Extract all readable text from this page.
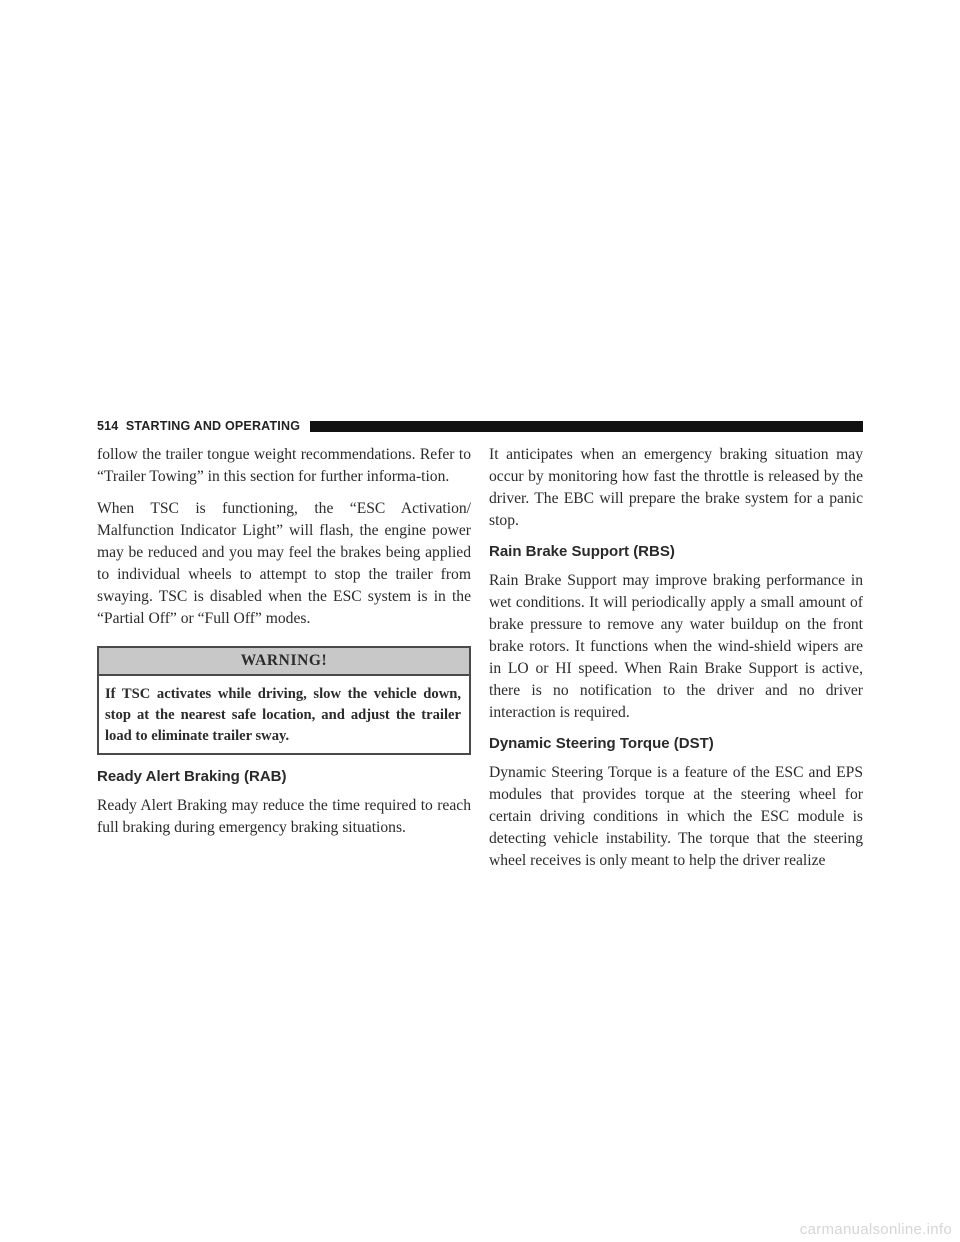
514 STARTING AND OPERATING

follow the trailer tongue weight recommendations. Refer to “Trailer Towing” in this section for further informa-tion.

When TSC is functioning, the “ESC Activation/ Malfunction Indicator Light” will flash, the engine power may be reduced and you may feel the brakes being applied to individual wheels to attempt to stop the trailer from swaying. TSC is disabled when the ESC system is in the “Partial Off” or “Full Off” modes.

WARNING!
If TSC activates while driving, slow the vehicle down, stop at the nearest safe location, and adjust the trailer load to eliminate trailer sway.
Ready Alert Braking (RAB)

Ready Alert Braking may reduce the time required to reach full braking during emergency braking situations.

It anticipates when an emergency braking situation may occur by monitoring how fast the throttle is released by the driver. The EBC will prepare the brake system for a panic stop.

Rain Brake Support (RBS)

Rain Brake Support may improve braking performance in wet conditions. It will periodically apply a small amount of brake pressure to remove any water buildup on the front brake rotors. It functions when the wind-shield wipers are in LO or HI speed. When Rain Brake Support is active, there is no notification to the driver and no driver interaction is required.

Dynamic Steering Torque (DST)

Dynamic Steering Torque is a feature of the ESC and EPS modules that provides torque at the steering wheel for certain driving conditions in which the ESC module is detecting vehicle instability. The torque that the steering wheel receives is only meant to help the driver realize

carmanualsonline.info
